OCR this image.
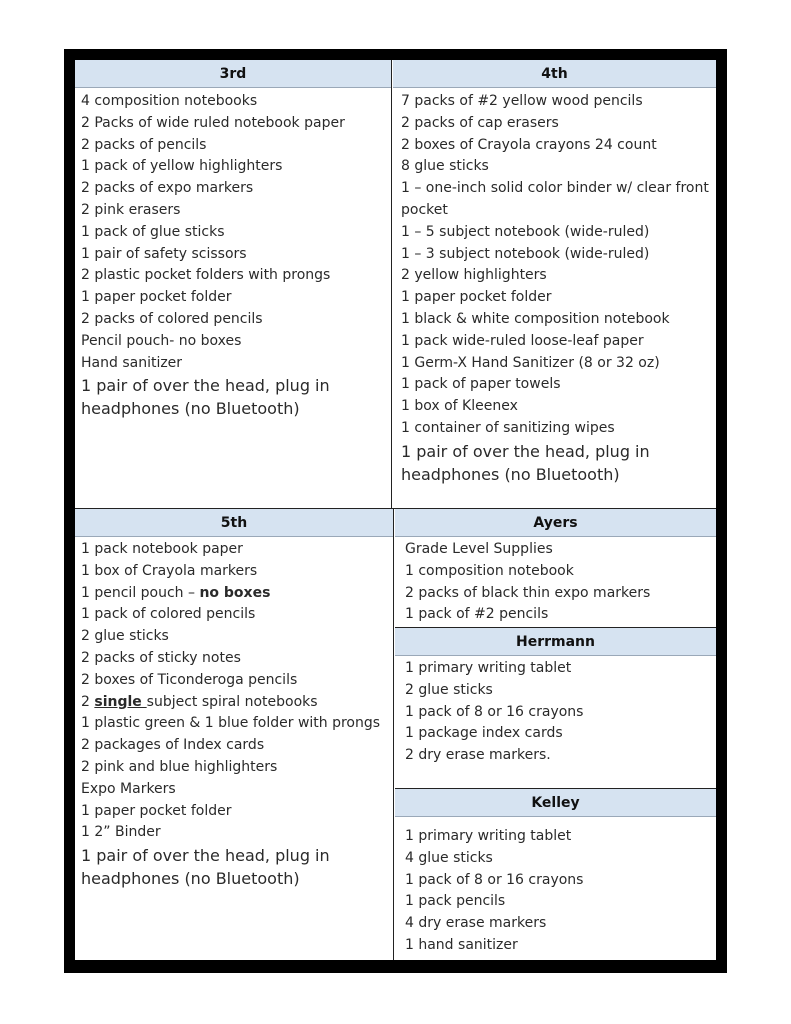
3rd	4th
4 composition notebooks
2 Packs of wide ruled notebook paper
2 packs of pencils
1 pack of yellow highlighters
2 packs of expo markers
2 pink erasers
1 pack of glue sticks
1 pair of safety scissors
2 plastic pocket folders with prongs
1 paper pocket folder
2 packs of colored pencils
Pencil pouch- no boxes
Hand sanitizer
1 pair of over the head, plug in headphones (no Bluetooth)
7 packs of #2 yellow wood pencils
2 packs of cap erasers
2 boxes of Crayola crayons 24 count
8 glue sticks
1 – one-inch solid color binder w/ clear front pocket
1 – 5 subject notebook (wide-ruled)
1 – 3 subject notebook (wide-ruled)
2 yellow highlighters
1 paper pocket folder
1 black & white composition notebook
1 pack wide-ruled loose-leaf paper
1 Germ-X Hand Sanitizer (8 or 32 oz)
1 pack of paper towels
1 box of Kleenex
1 container of sanitizing wipes
1 pair of over the head, plug in headphones (no Bluetooth)
5th	Ayers
1 pack notebook paper
1 box of Crayola markers
1 pencil pouch – no boxes
1 pack of colored pencils
2 glue sticks
2 packs of sticky notes
2 boxes of Ticonderoga pencils
2 single subject spiral notebooks
1 plastic green & 1 blue folder with prongs
2 packages of Index cards
2 pink and blue highlighters
Expo Markers
1 paper pocket folder
1 2” Binder
1 pair of over the head, plug in headphones (no Bluetooth)
Grade Level Supplies
1 composition notebook
2 packs of black thin expo markers
1 pack of #2 pencils
Herrmann
1 primary writing tablet
2 glue sticks
1 pack of 8 or 16 crayons
1 package index cards
2 dry erase markers.
Kelley
1 primary writing tablet
4 glue sticks
1 pack of 8 or 16 crayons
1 pack pencils
4 dry erase markers
1 hand sanitizer
